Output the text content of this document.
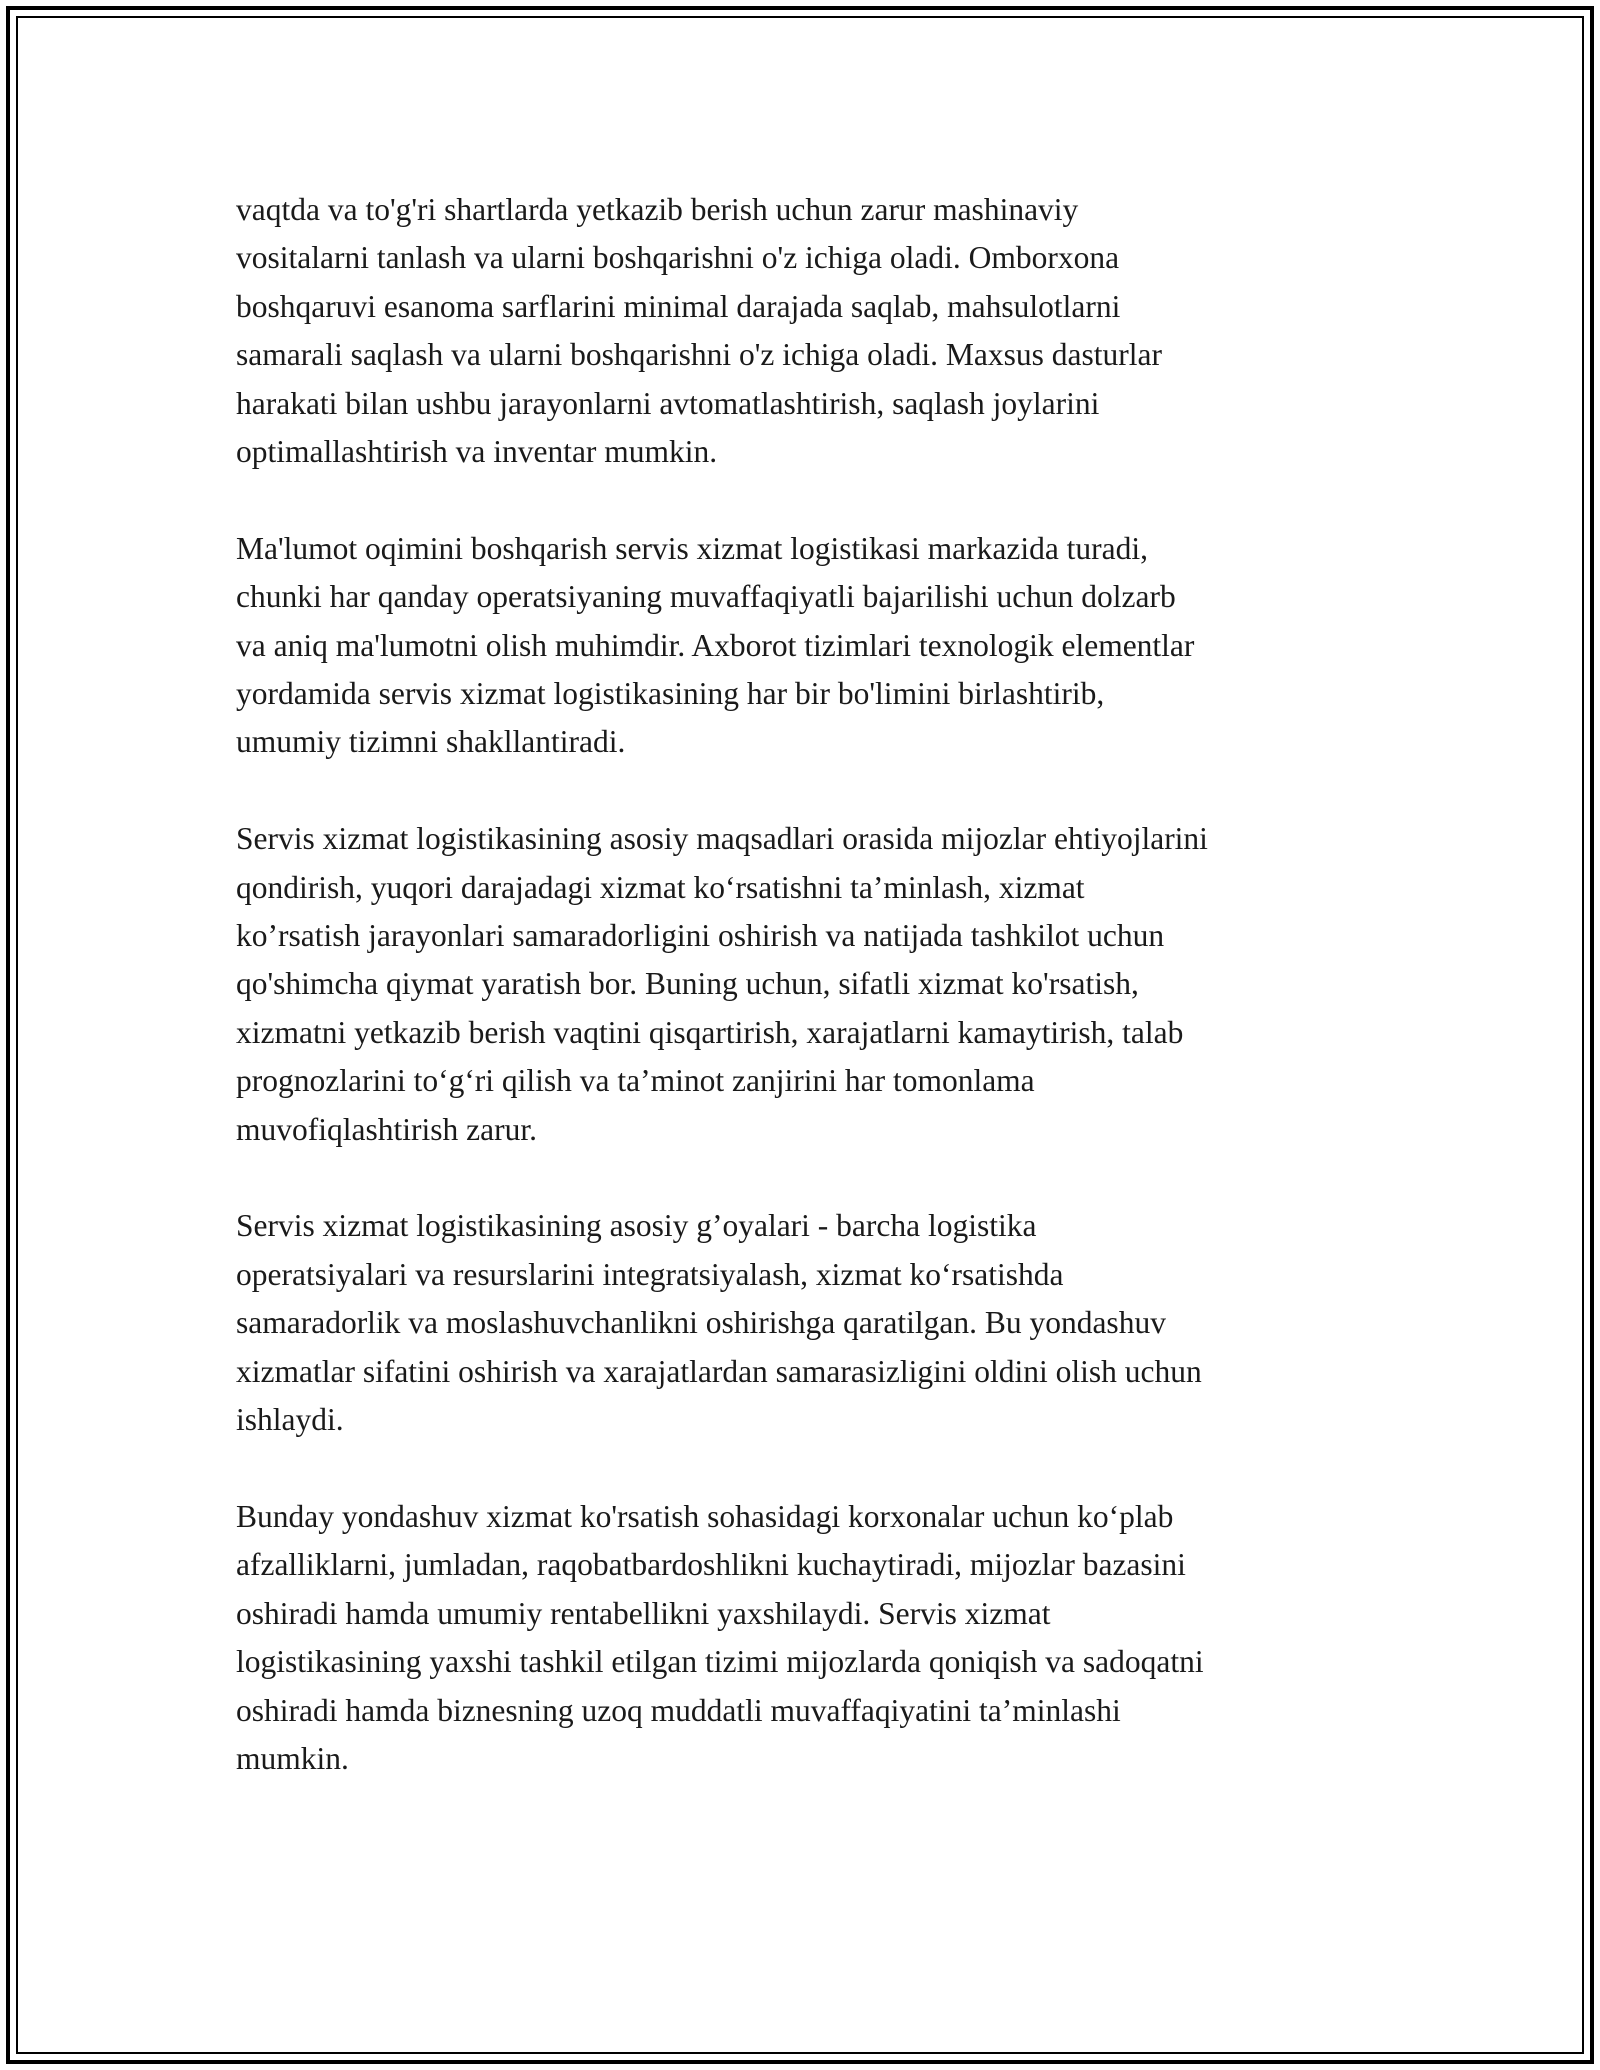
vaqtda va to'g'ri shartlarda yetkazib berish uchun zarur mashinaviy
vositalarni tanlash va ularni boshqarishni o'z ichiga oladi. Omborxona
boshqaruvi esanoma sarflarini minimal darajada saqlab, mahsulotlarni
samarali saqlash va ularni boshqarishni o'z ichiga oladi. Maxsus dasturlar
harakati bilan ushbu jarayonlarni avtomatlashtirish, saqlash joylarini
optimallashtirish va inventar mumkin.
Ma'lumot oqimini boshqarish servis xizmat logistikasi markazida turadi,
chunki har qanday operatsiyaning muvaffaqiyatli bajarilishi uchun dolzarb
va aniq ma'lumotni olish muhimdir. Axborot tizimlari texnologik elementlar
yordamida servis xizmat logistikasining har bir bo'limini birlashtirib,
umumiy tizimni shakllantiradi.
Servis xizmat logistikasining asosiy maqsadlari orasida mijozlar ehtiyojlarini
qondirish, yuqori darajadagi xizmat ko‘rsatishni ta’minlash, xizmat
ko’rsatish jarayonlari samaradorligini oshirish va natijada tashkilot uchun
qo'shimcha qiymat yaratish bor. Buning uchun, sifatli xizmat ko'rsatish,
xizmatni yetkazib berish vaqtini qisqartirish, xarajatlarni kamaytirish, talab
prognozlarini to‘g‘ri qilish va ta’minot zanjirini har tomonlama
muvofiqlashtirish zarur.
Servis xizmat logistikasining asosiy g’oyalari - barcha logistika
operatsiyalari va resurslarini integratsiyalash, xizmat ko‘rsatishda
samaradorlik va moslashuvchanlikni oshirishga qaratilgan. Bu yondashuv
xizmatlar sifatini oshirish va xarajatlardan samarasizligini oldini olish uchun
ishlaydi.
Bunday yondashuv xizmat ko'rsatish sohasidagi korxonalar uchun ko‘plab
afzalliklarni, jumladan, raqobatbardoshlikni kuchaytiradi, mijozlar bazasini
oshiradi hamda umumiy rentabellikni yaxshilaydi. Servis xizmat
logistikasining yaxshi tashkil etilgan tizimi mijozlarda qoniqish va sadoqatni
oshiradi hamda biznesning uzoq muddatli muvaffaqiyatini ta’minlashi
mumkin.
